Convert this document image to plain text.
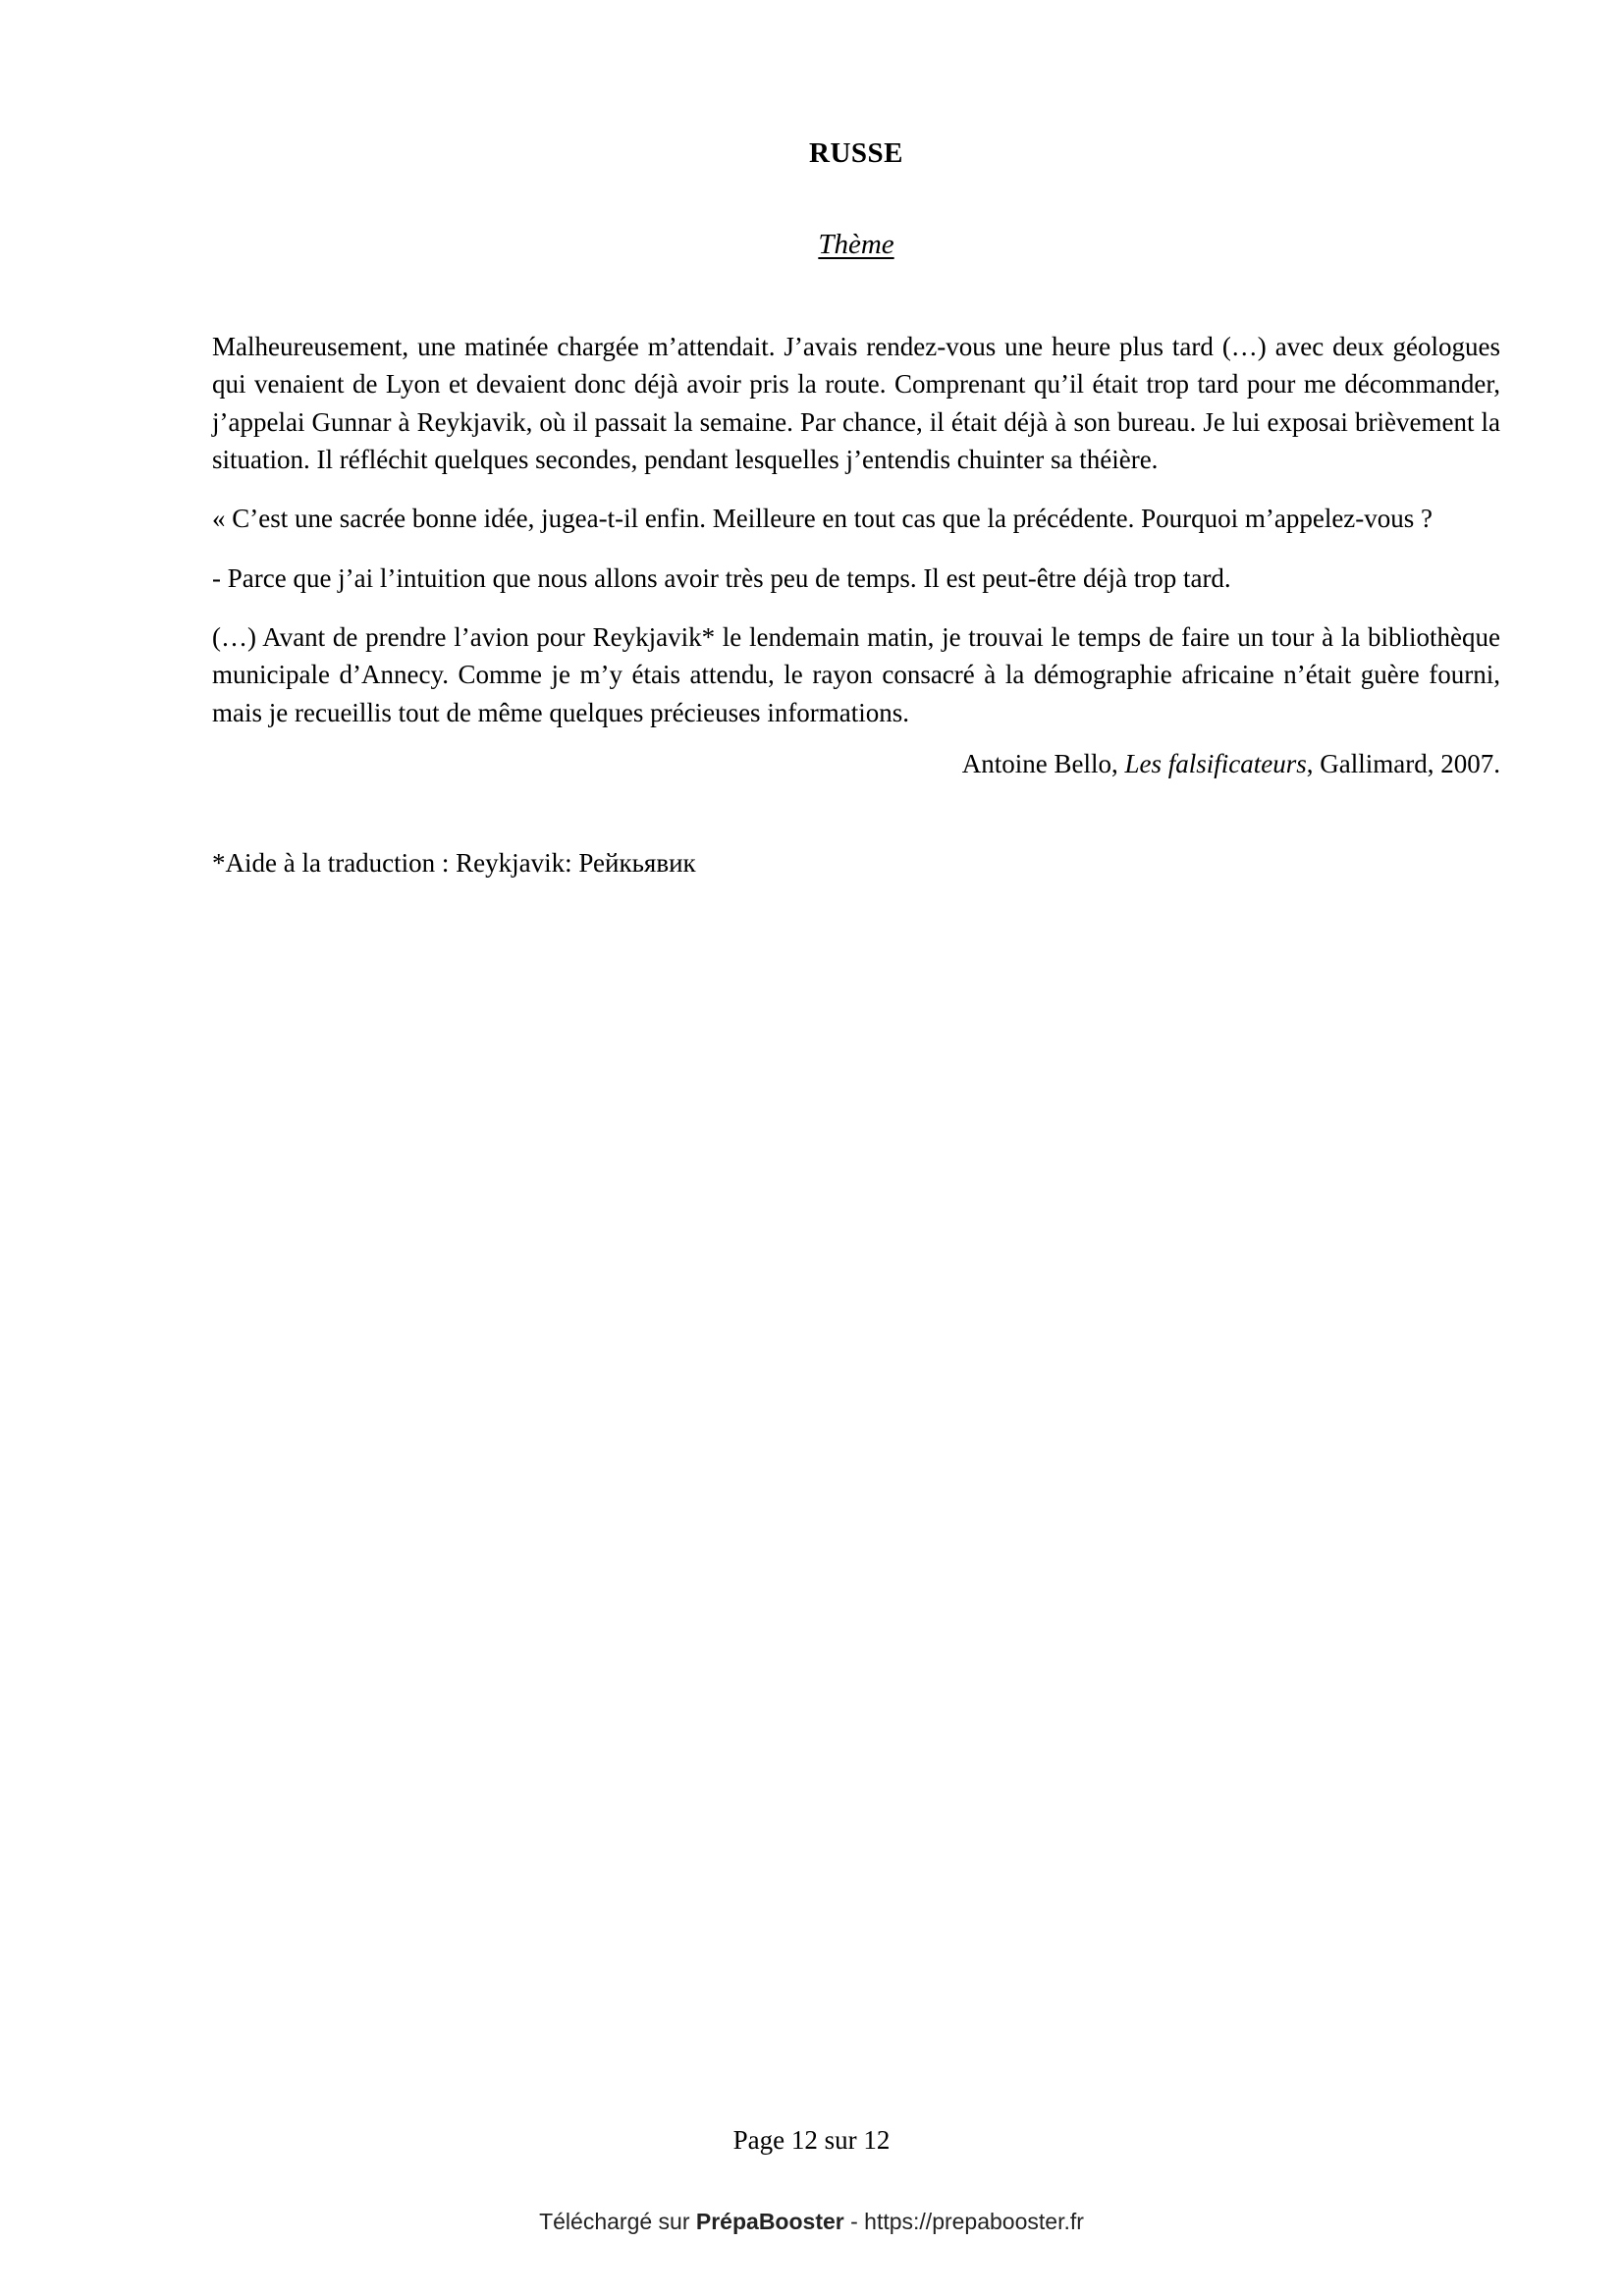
RUSSE
Thème

Malheureusement, une matinée chargée m’attendait. J’avais rendez-vous une heure plus tard (…) avec deux géologues qui venaient de Lyon et devaient donc déjà avoir pris la route. Comprenant qu’il était trop tard pour me décommander, j’appelai Gunnar à Reykjavik, où il passait la semaine. Par chance, il était déjà à son bureau. Je lui exposai brièvement la situation. Il réfléchit quelques secondes, pendant lesquelles j’entendis chuinter sa théière.

« C’est une sacrée bonne idée, jugea-t-il enfin. Meilleure en tout cas que la précédente. Pourquoi m’appelez-vous ?

- Parce que j’ai l’intuition que nous allons avoir très peu de temps. Il est peut-être déjà trop tard.

(…) Avant de prendre l’avion pour Reykjavik* le lendemain matin, je trouvai le temps de faire un tour à la bibliothèque municipale d’Annecy. Comme je m’y étais attendu, le rayon consacré à la démographie africaine n’était guère fourni, mais je recueillis tout de même quelques précieuses informations.

Antoine Bello, Les falsificateurs, Gallimard, 2007.
*Aide à la traduction : Reykjavik: Рейкьявик
Page 12 sur 12
Téléchargé sur PrépaBooster - https://prepabooster.fr
